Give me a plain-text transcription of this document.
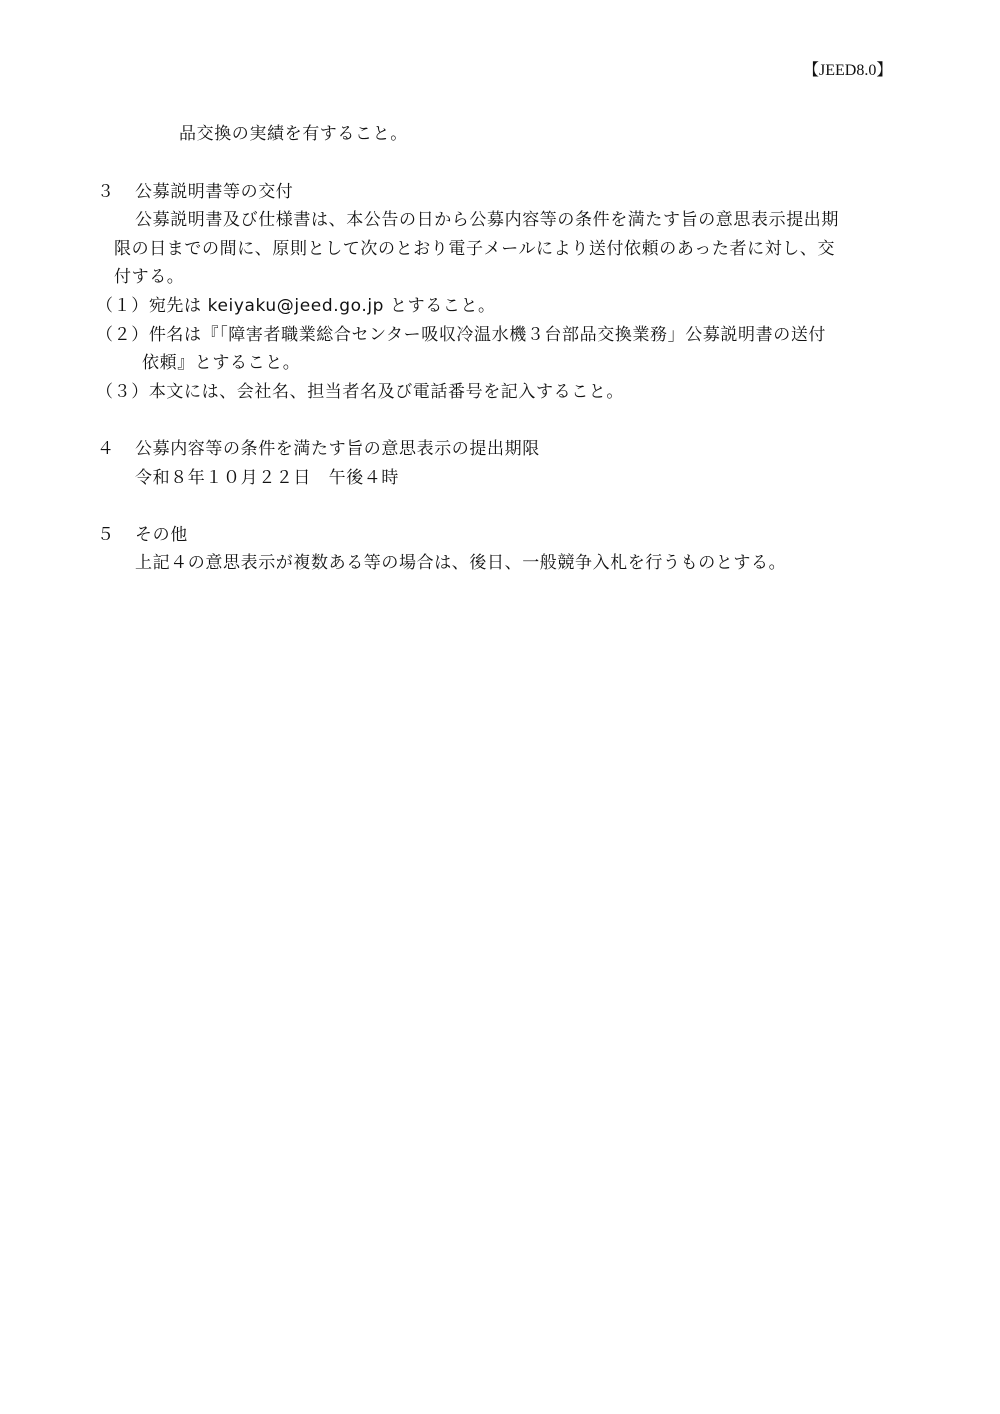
【JEED8.0】
品交換の実績を有すること。
３ 公募説明書等の交付
公募説明書及び仕様書は、本公告の日から公募内容等の条件を満たす旨の意思表示提出期
限の日までの間に、原則として次のとおり電子メールにより送付依頼のあった者に対し、交
付する。
（１）宛先は keiyaku@jeed.go.jp とすること。
（２）件名は『「障害者職業総合センター吸収冷温水機３台部品交換業務」公募説明書の送付
依頼』とすること。
（３）本文には、会社名、担当者名及び電話番号を記入すること。
４ 公募内容等の条件を満たす旨の意思表示の提出期限
令和８年１０月２２日　午後４時
５ その他
上記４の意思表示が複数ある等の場合は、後日、一般競争入札を行うものとする。
